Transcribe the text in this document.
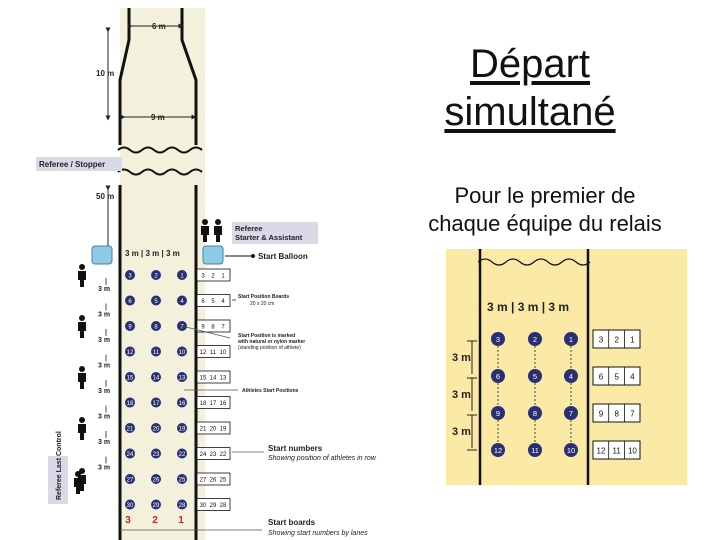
Départ
simultané
Pour le premier de
chaque équipe du relais
6 m
10 m
9 m
50 m
Referee / Stopper
Referee
Starter & Assistant
3 m | 3 m | 3 m	Start Balloon
3	2	1	3 2 1
6	5	4	6 5 4
9	8	7	9 8 7
12	11	10 12 11 10
15	14	13 15 14 13
18	17	16 18 17 16
21	20	19 21 20 19
24	23	22 24 23 22
27	26	25 27 26 25
30	29	28 30 29 28
3 m
3 m
3 m
3 m
3 m
3 m
3 m
3 m
Start Position Boards
20 x 20 cm
Start Position is marked
with natural or nylon marker
(standing position of athlete)
Athletes Start Positions
Start numbers
Showing position of athletes in row
Start boards
Showing start numbers by lanes
3 2 1
Referee Last Control
3 m | 3 m | 3 m
3	2	1	3 2 1
3 m
6	5	4	6 5 4
3 m
9	8	7	9 8 7
3 m
12	11	10	12 11 10
